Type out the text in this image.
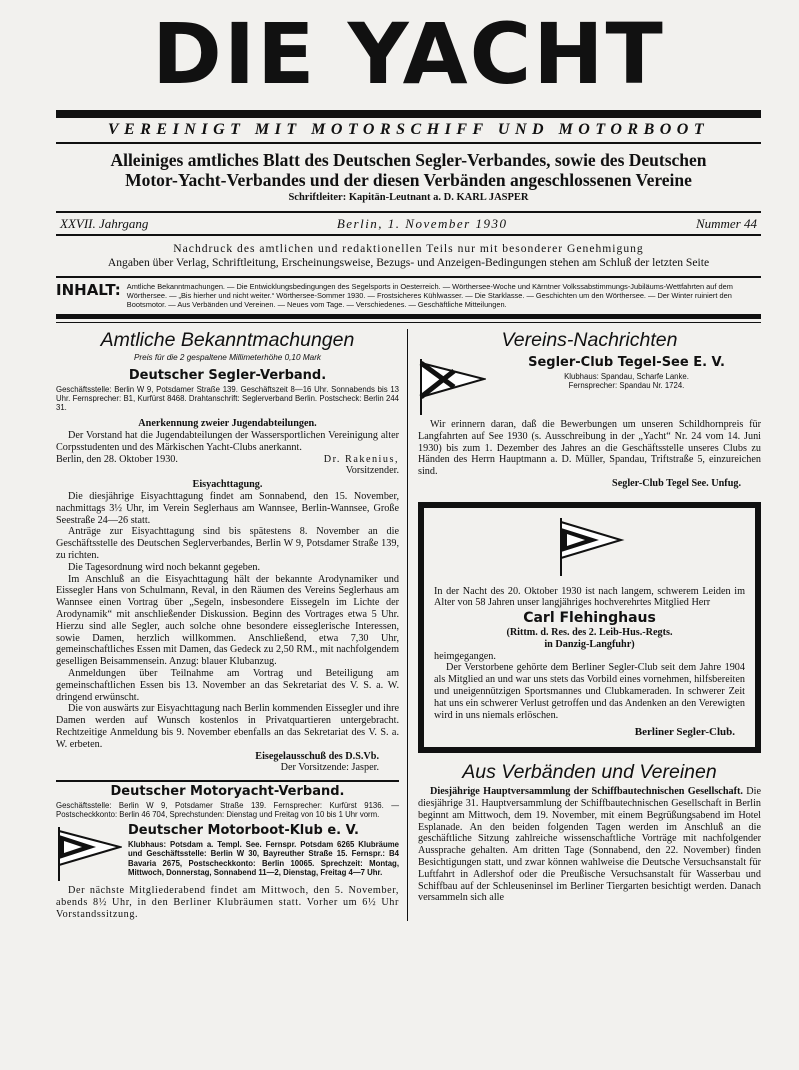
DIE YACHT
VEREINIGT MIT MOTORSCHIFF UND MOTORBOOT
Alleiniges amtliches Blatt des Deutschen Segler-Verbandes, sowie des Deutschen
Motor-Yacht-Verbandes und der diesen Verbänden angeschlossenen Vereine
Schriftleiter: Kapitän-Leutnant a. D. KARL JASPER
XXVII. Jahrgang	Berlin, 1. November 1930	Nummer 44
Nachdruck des amtlichen und redaktionellen Teils nur mit besonderer Genehmigung
Angaben über Verlag, Schriftleitung, Erscheinungsweise, Bezugs- und Anzeigen-Bedingungen stehen am Schluß der letzten Seite
INHALT: Amtliche Bekanntmachungen. — Die Entwicklungsbedingungen des Segelsports in Oesterreich. — Wörthersee-Woche und Kärntner Volkssabstimmungs-Jubiläums-Wettfahrten auf dem Wörthersee. — „Bis hierher und nicht weiter.“ Wörthersee-Sommer 1930. — Frostsicheres Kühlwasser. — Die Starklasse. — Geschichten um den Wörthersee. — Der Winter ruiniert den Bootsmotor. — Aus Verbänden und Vereinen. — Neues vom Tage. — Verschiedenes. — Geschäftliche Mitteilungen.
Amtliche Bekanntmachungen
Preis für die 2 gespaltene Millimeterhöhe 0,10 Mark
Deutscher Segler-Verband.
Geschäftsstelle: Berlin W 9, Potsdamer Straße 139. Geschäftszeit 8—16 Uhr. Sonnabends bis 13 Uhr. Fernsprecher: B1, Kurfürst 8468. Drahtanschrift: Seglerverband Berlin. Postscheck: Berlin 244 31.
Anerkennung zweier Jugendabteilungen.
Der Vorstand hat die Jugendabteilungen der Wassersportlichen Vereinigung alter Corpsstudenten und des Märkischen Yacht-Clubs anerkannt.
Berlin, den 28. Oktober 1930.	Dr. Rakenius,
Vorsitzender.
Eisyachttagung.
Die diesjährige Eisyachttagung findet am Sonnabend, den 15. November, nachmittags 3½ Uhr, im Verein Seglerhaus am Wannsee, Berlin-Wannsee, Große Seestraße 24—26 statt.
Anträge zur Eisyachttagung sind bis spätestens 8. November an die Geschäftsstelle des Deutschen Seglerverbandes, Berlin W 9, Potsdamer Straße 139, zu richten.
Die Tagesordnung wird noch bekannt gegeben.
Im Anschluß an die Eisyachttagung hält der bekannte Arodynamiker und Eissegler Hans von Schulmann, Reval, in den Räumen des Vereins Seglerhaus am Wannsee einen Vortrag über „Segeln, insbesondere Eissegeln im Lichte der Arodynamik“ mit anschließender Diskussion. Beginn des Vortrages etwa 5 Uhr. Hierzu sind alle Segler, auch solche ohne besondere eisseglerische Interessen, sowie Damen, herzlich willkommen. Anschließend, etwa 7,30 Uhr, gemeinschaftliches Essen mit Damen, das Gedeck zu 2,50 RM., mit nachfolgendem geselligen Beisammensein. Anzug: blauer Klubanzug.
Anmeldungen über Teilnahme am Vortrag und Beteiligung am gemeinschaftlichen Essen bis 13. November an das Sekretariat des V. S. a. W. dringend erwünscht.
Die von auswärts zur Eisyachttagung nach Berlin kommenden Eissegler und ihre Damen werden auf Wunsch kostenlos in Privatquartieren untergebracht. Rechtzeitige Anmeldung bis 9. November ebenfalls an das Sekretariat des V. S. a. W. erbeten.
Eisegelausschuß des D.S.Vb.
Der Vorsitzende: Jasper.
Deutscher Motoryacht-Verband.
Geschäftsstelle: Berlin W 9, Potsdamer Straße 139. Fernsprecher: Kurfürst 9136. — Postscheckkonto: Berlin 46 704, Sprechstunden: Dienstag und Freitag von 10 bis 1 Uhr vorm.
Deutscher Motorboot-Klub e. V.
Klubhaus: Potsdam a. Templ. See. Fernspr. Potsdam 6265 Klubräume und Geschäftsstelle: Berlin W 30, Bayreuther Straße 15. Fernspr.: B4 Bavaria 2675, Postscheckkonto: Berlin 10065. Sprechzeit: Montag, Mittwoch, Donnerstag, Sonnabend 11—2, Dienstag, Freitag 4—7 Uhr.
Der nächste Mitgliederabend findet am Mittwoch, den 5. November, abends 8½ Uhr, in den Berliner Klubräumen statt. Vorher um 6½ Uhr Vorstandssitzung.
Vereins-Nachrichten
Segler-Club Tegel-See E. V.
Klubhaus: Spandau, Scharfe Lanke.
Fernsprecher: Spandau Nr. 1724.
Wir erinnern daran, daß die Bewerbungen um unseren Schildhornpreis für Langfahrten auf See 1930 (s. Ausschreibung in der „Yacht“ Nr. 24 vom 14. Juni 1930) bis zum 1. Dezember des Jahres an die Geschäftsstelle unseres Clubs zu Händen des Herrn Hauptmann a. D. Müller, Spandau, Triftstraße 5, einzureichen sind.
Segler-Club Tegel See. Unfug.
In der Nacht des 20. Oktober 1930 ist nach langem, schwerem Leiden im Alter von 58 Jahren unser langjähriges hochverehrtes Mitglied Herr
Carl Flehinghaus
(Rittm. d. Res. des 2. Leib-Hus.-Regts.
in Danzig-Langfuhr)
heimgegangen.
Der Verstorbene gehörte dem Berliner Segler-Club seit dem Jahre 1904 als Mitglied an und war uns stets das Vorbild eines vornehmen, hilfsbereiten und uneigennützigen Sportsmannes und Clubkameraden. In schwerer Zeit hat uns ein schwerer Verlust getroffen und das Andenken an den Verewigten wird in uns niemals erlöschen.
Berliner Segler-Club.
Aus Verbänden und Vereinen
Diesjährige Hauptversammlung der Schiffbautechnischen Gesellschaft. Die diesjährige 31. Hauptversammlung der Schiffbautechnischen Gesellschaft in Berlin beginnt am Mittwoch, dem 19. November, mit einem Begrüßungsabend im Hotel Esplanade. An den beiden folgenden Tagen werden im Anschluß an die geschäftliche Sitzung zahlreiche wissenschaftliche Vorträge mit nachfolgender Aussprache gehalten. Am dritten Tage (Sonnabend, den 22. November) finden Besichtigungen statt, und zwar können wahlweise die Deutsche Versuchsanstalt für Luftfahrt in Adlershof oder die Preußische Versuchsanstalt für Wasserbau und Schiffbau auf der Schleuseninsel im Berliner Tiergarten besichtigt werden. Danach versammeln sich alle
